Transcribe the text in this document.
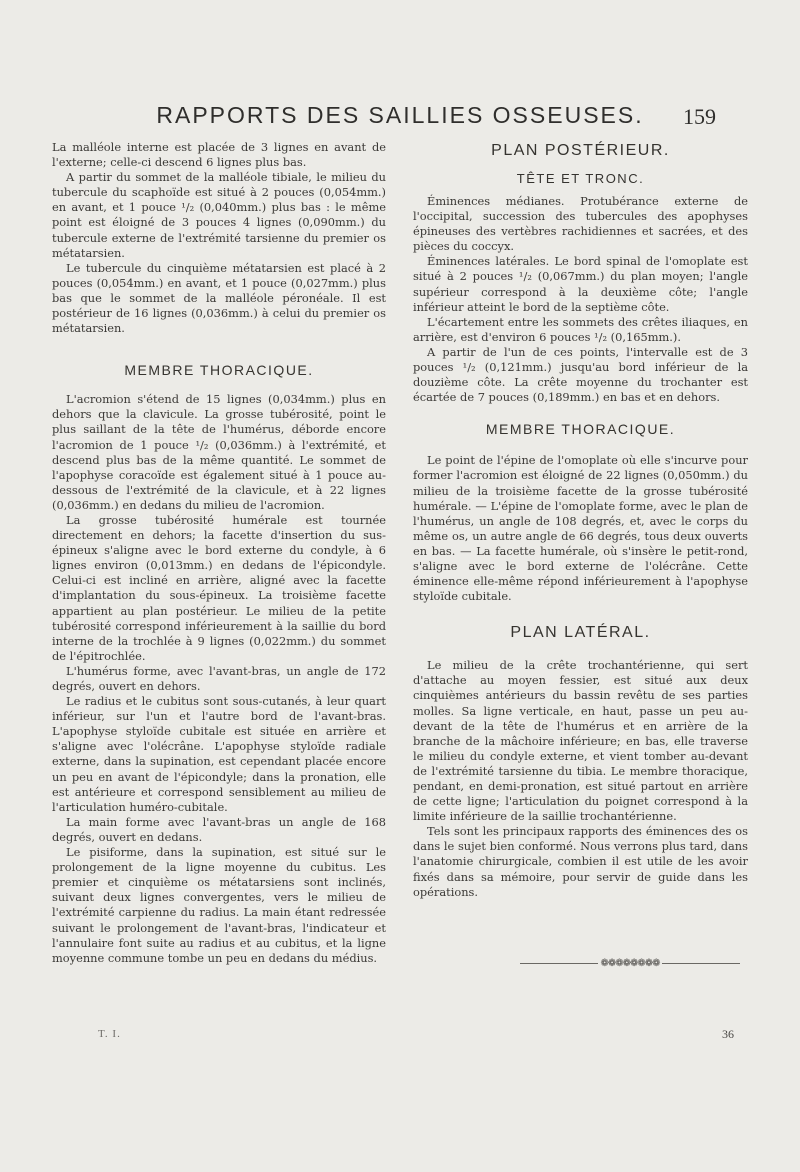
RAPPORTS DES SAILLIES OSSEUSES.	159

La malléole interne est placée de 3 lignes en avant de l'externe; celle-ci descend 6 lignes plus bas.

A partir du sommet de la malléole tibiale, le milieu du tubercule du scaphoïde est situé à 2 pouces (0,054mm.) en avant, et 1 pouce ¹/₂ (0,040mm.) plus bas : le même point est éloigné de 3 pouces 4 lignes (0,090mm.) du tubercule externe de l'extrémité tarsienne du premier os métatarsien.

Le tubercule du cinquième métatarsien est placé à 2 pouces (0,054mm.) en avant, et 1 pouce (0,027mm.) plus bas que le sommet de la malléole péronéale. Il est postérieur de 16 lignes (0,036mm.) à celui du premier os métatarsien.

MEMBRE THORACIQUE.

L'acromion s'étend de 15 lignes (0,034mm.) plus en dehors que la clavicule. La grosse tubérosité, point le plus saillant de la tête de l'humérus, déborde encore l'acromion de 1 pouce ¹/₂ (0,036mm.) à l'extrémité, et descend plus bas de la même quantité. Le sommet de l'apophyse coracoïde est également situé à 1 pouce au-dessous de l'extrémité de la clavicule, et à 22 lignes (0,036mm.) en dedans du milieu de l'acromion.

La grosse tubérosité humérale est tournée directement en dehors; la facette d'insertion du sus-épineux s'aligne avec le bord externe du condyle, à 6 lignes environ (0,013mm.) en dedans de l'épicondyle. Celui-ci est incliné en arrière, aligné avec la facette d'implantation du sous-épineux. La troisième facette appartient au plan postérieur. Le milieu de la petite tubérosité correspond inférieurement à la saillie du bord interne de la trochlée à 9 lignes (0,022mm.) du sommet de l'épitrochlée.

L'humérus forme, avec l'avant-bras, un angle de 172 degrés, ouvert en dehors.

Le radius et le cubitus sont sous-cutanés, à leur quart inférieur, sur l'un et l'autre bord de l'avant-bras. L'apophyse styloïde cubitale est située en arrière et s'aligne avec l'olécrâne. L'apophyse styloïde radiale externe, dans la supination, est cependant placée encore un peu en avant de l'épicondyle; dans la pronation, elle est antérieure et correspond sensiblement au milieu de l'articulation huméro-cubitale.

La main forme avec l'avant-bras un angle de 168 degrés, ouvert en dedans.

Le pisiforme, dans la supination, est situé sur le prolongement de la ligne moyenne du cubitus. Les premier et cinquième os métatarsiens sont inclinés, suivant deux lignes convergentes, vers le milieu de l'extrémité carpienne du radius. La main étant redressée suivant le prolongement de l'avant-bras, l'indicateur et l'annulaire font suite au radius et au cubitus, et la ligne moyenne commune tombe un peu en dedans du médius.

PLAN POSTÉRIEUR.
TÊTE ET TRONC.

Éminences médianes. Protubérance externe de l'occipital, succession des tubercules des apophyses épineuses des vertèbres rachidiennes et sacrées, et des pièces du coccyx.

Éminences latérales. Le bord spinal de l'omoplate est situé à 2 pouces ¹/₂ (0,067mm.) du plan moyen; l'angle supérieur correspond à la deuxième côte; l'angle inférieur atteint le bord de la septième côte.

L'écartement entre les sommets des crêtes iliaques, en arrière, est d'environ 6 pouces ¹/₂ (0,165mm.).

A partir de l'un de ces points, l'intervalle est de 3 pouces ¹/₂ (0,121mm.) jusqu'au bord inférieur de la douzième côte. La crête moyenne du trochanter est écartée de 7 pouces (0,189mm.) en bas et en dehors.

MEMBRE THORACIQUE.

Le point de l'épine de l'omoplate où elle s'incurve pour former l'acromion est éloigné de 22 lignes (0,050mm.) du milieu de la troisième facette de la grosse tubérosité humérale. — L'épine de l'omoplate forme, avec le plan de l'humérus, un angle de 108 degrés, et, avec le corps du même os, un autre angle de 66 degrés, tous deux ouverts en bas. — La facette humérale, où s'insère le petit-rond, s'aligne avec le bord externe de l'olécrâne. Cette éminence elle-même répond inférieurement à l'apophyse styloïde cubitale.

PLAN LATÉRAL.

Le milieu de la crête trochantérienne, qui sert d'attache au moyen fessier, est situé aux deux cinquièmes antérieurs du bassin revêtu de ses parties molles. Sa ligne verticale, en haut, passe un peu au-devant de la tête de l'humérus et en arrière de la branche de la mâchoire inférieure; en bas, elle traverse le milieu du condyle externe, et vient tomber au-devant de l'extrémité tarsienne du tibia. Le membre thoracique, pendant, en demi-pronation, est situé partout en arrière de cette ligne; l'articulation du poignet correspond à la limite inférieure de la saillie trochantérienne.

Tels sont les principaux rapports des éminences des os dans le sujet bien conformé. Nous verrons plus tard, dans l'anatomie chirurgicale, combien il est utile de les avoir fixés dans sa mémoire, pour servir de guide dans les opérations.

❁❁❁❁❁❁❁❁
T. I.	36
